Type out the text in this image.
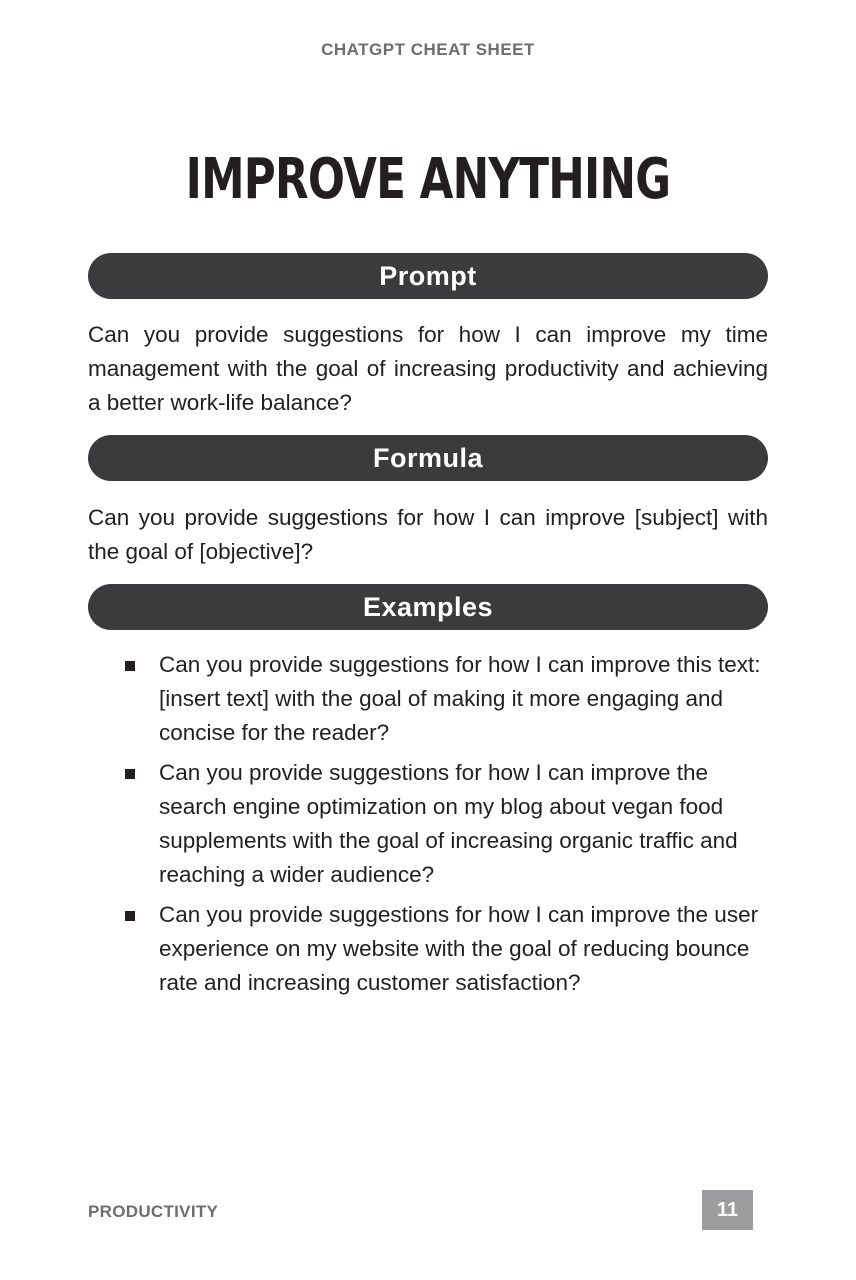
CHATGPT CHEAT SHEET
IMPROVE ANYTHING
Prompt

Can you provide suggestions for how I can improve my time management with the goal of increasing productivity and achieving a better work-life balance?

Formula

Can you provide suggestions for how I can improve [subject] with the goal of [objective]?

Examples
Can you provide suggestions for how I can improve this text: [insert text] with the goal of making it more engaging and concise for the reader?
Can you provide suggestions for how I can improve the search engine optimization on my blog about vegan food supplements with the goal of increasing organic traffic and reaching a wider audience?
Can you provide suggestions for how I can improve the user experience on my website with the goal of reducing bounce rate and increasing customer satisfaction?
PRODUCTIVITY	11
